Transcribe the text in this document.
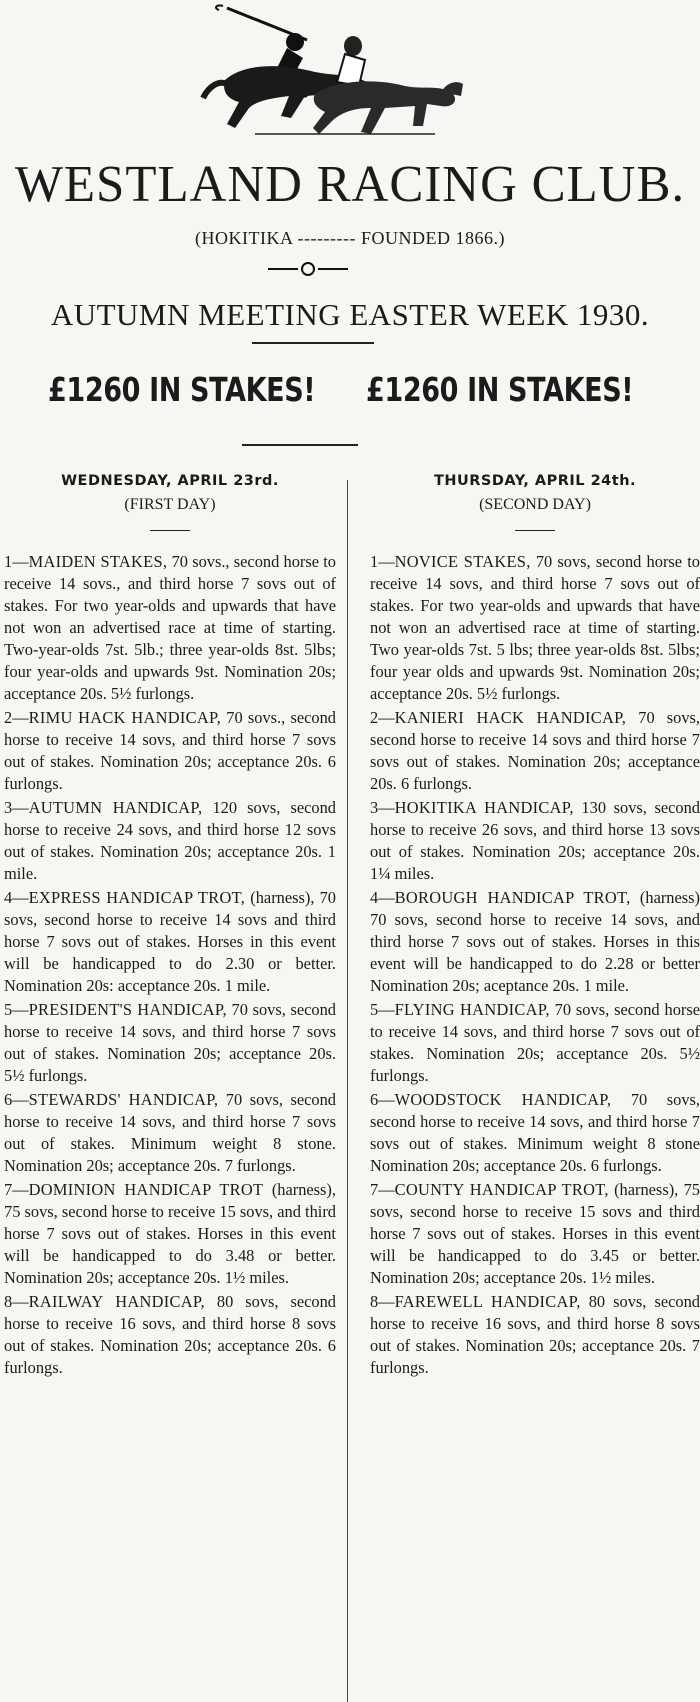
WESTLAND RACING CLUB.
(HOKITIKA --------- FOUNDED 1866.)
AUTUMN MEETING EASTER WEEK 1930.
£1260 IN STAKES! £1260 IN STAKES!
WEDNESDAY, APRIL 23rd.
(FIRST DAY)
1—MAIDEN STAKES, 70 sovs., second horse to receive 14 sovs., and third horse 7 sovs out of stakes. For two year-olds and upwards that have not won an advertised race at time of starting. Two-year-olds 7st. 5lb.; three year-olds 8st. 5lbs; four year-olds and upwards 9st. Nomination 20s; acceptance 20s. 5½ furlongs.
2—RIMU HACK HANDICAP, 70 sovs., second horse to receive 14 sovs, and third horse 7 sovs out of stakes. Nomination 20s; acceptance 20s. 6 furlongs.
3—AUTUMN HANDICAP, 120 sovs, second horse to receive 24 sovs, and third horse 12 sovs out of stakes. Nomination 20s; acceptance 20s. 1 mile.
4—EXPRESS HANDICAP TROT, (harness), 70 sovs, second horse to receive 14 sovs and third horse 7 sovs out of stakes. Horses in this event will be handicapped to do 2.30 or better. Nomination 20s: acceptance 20s. 1 mile.
5—PRESIDENT'S HANDICAP, 70 sovs, second horse to receive 14 sovs, and third horse 7 sovs out of stakes. Nomination 20s; acceptance 20s. 5½ furlongs.
6—STEWARDS' HANDICAP, 70 sovs, second horse to receive 14 sovs, and third horse 7 sovs out of stakes. Minimum weight 8 stone. Nomination 20s; acceptance 20s. 7 furlongs.
7—DOMINION HANDICAP TROT (harness), 75 sovs, second horse to receive 15 sovs, and third horse 7 sovs out of stakes. Horses in this event will be handicapped to do 3.48 or better. Nomination 20s; acceptance 20s. 1½ miles.
8—RAILWAY HANDICAP, 80 sovs, second horse to receive 16 sovs, and third horse 8 sovs out of stakes. Nomination 20s; acceptance 20s. 6 furlongs.
THURSDAY, APRIL 24th.
(SECOND DAY)
1—NOVICE STAKES, 70 sovs, second horse to receive 14 sovs, and third horse 7 sovs out of stakes. For two year-olds and upwards that have not won an advertised race at time of starting. Two year-olds 7st. 5 lbs; three year-olds 8st. 5lbs; four year olds and upwards 9st. Nomination 20s; acceptance 20s. 5½ furlongs.
2—KANIERI HACK HANDICAP, 70 sovs, second horse to receive 14 sovs and third horse 7 sovs out of stakes. Nomination 20s; acceptance 20s. 6 furlongs.
3—HOKITIKA HANDICAP, 130 sovs, second horse to receive 26 sovs, and third horse 13 sovs out of stakes. Nomination 20s; acceptance 20s. 1¼ miles.
4—BOROUGH HANDICAP TROT, (harness) 70 sovs, second horse to receive 14 sovs, and third horse 7 sovs out of stakes. Horses in this event will be handicapped to do 2.28 or better Nomination 20s; aceptance 20s. 1 mile.
5—FLYING HANDICAP, 70 sovs, second horse to receive 14 sovs, and third horse 7 sovs out of stakes. Nomination 20s; acceptance 20s. 5½ furlongs.
6—WOODSTOCK HANDICAP, 70 sovs, second horse to receive 14 sovs, and third horse 7 sovs out of stakes. Minimum weight 8 stone Nomination 20s; acceptance 20s. 6 furlongs.
7—COUNTY HANDICAP TROT, (harness), 75 sovs, second horse to receive 15 sovs and third horse 7 sovs out of stakes. Horses in this event will be handicapped to do 3.45 or better. Nomination 20s; acceptance 20s. 1½ miles.
8—FAREWELL HANDICAP, 80 sovs, second horse to receive 16 sovs, and third horse 8 sovs out of stakes. Nomination 20s; acceptance 20s. 7 furlongs.
